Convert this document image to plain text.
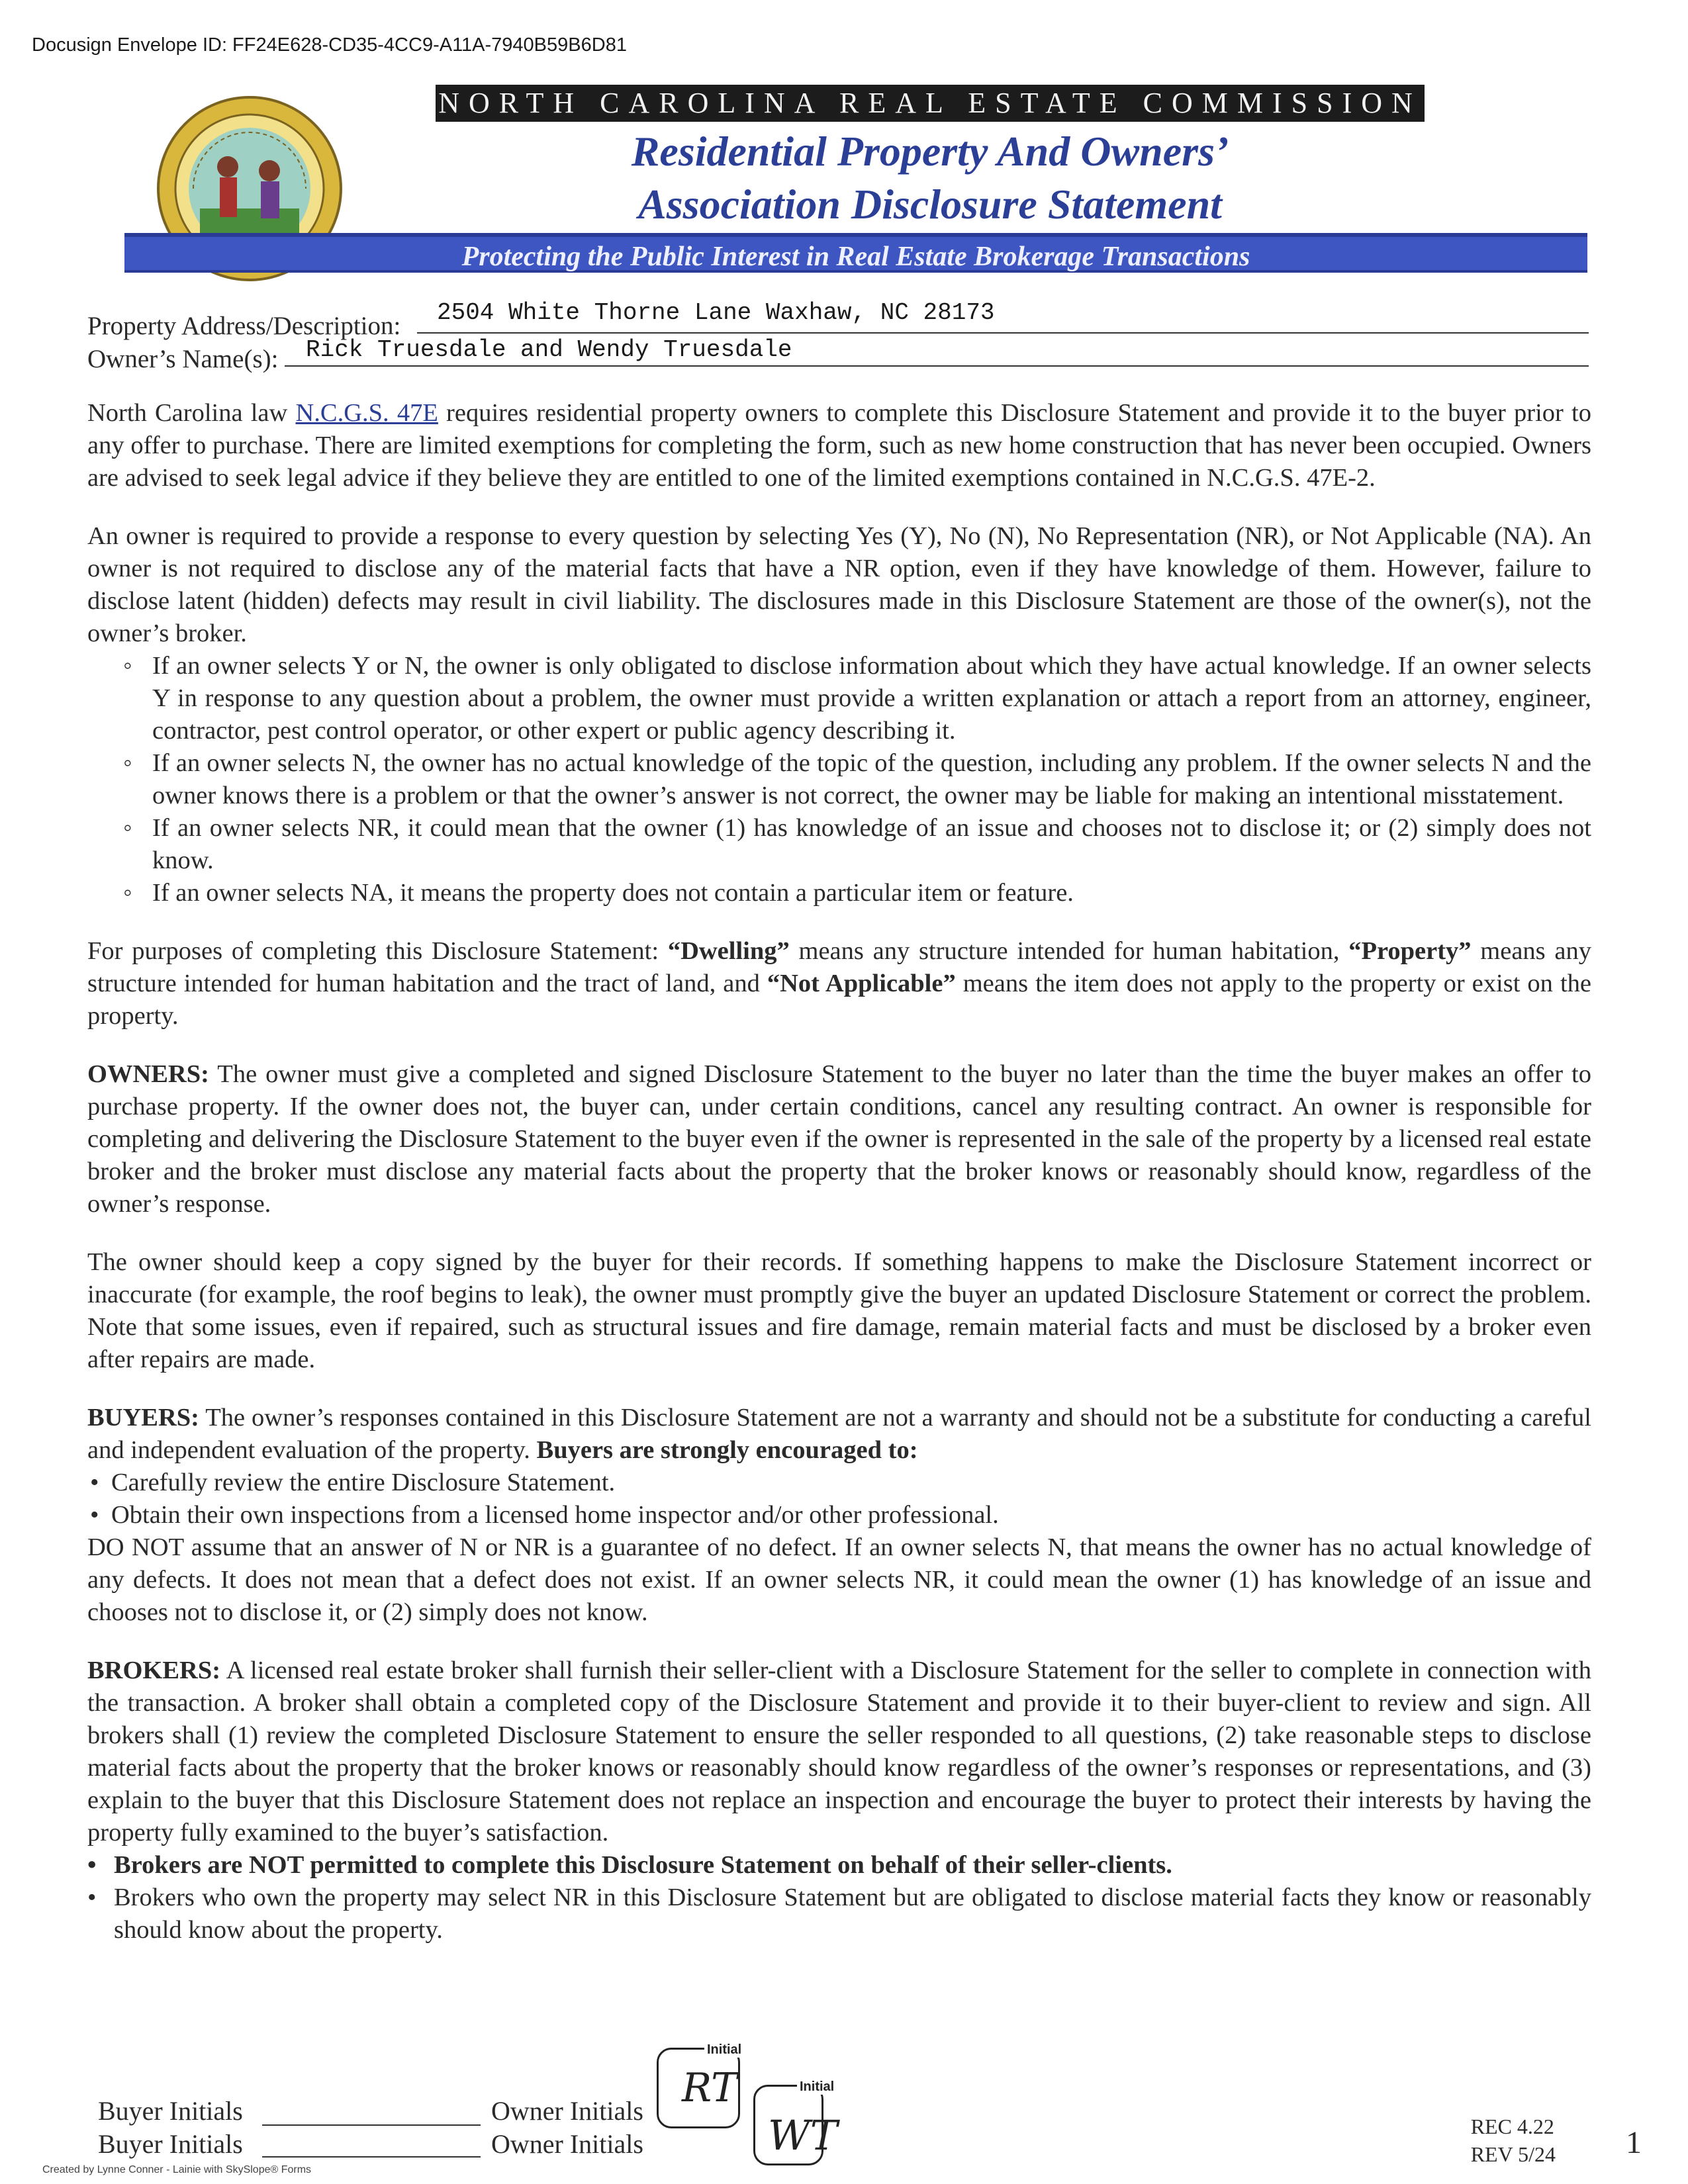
Docusign Envelope ID: FF24E628-CD35-4CC9-A11A-7940B59B6D81
NORTH CAROLINA REAL ESTATE COMMISSION
Residential Property And Owners’
Association Disclosure Statement
Protecting the Public Interest in Real Estate Brokerage Transactions
Property Address/Description: 2504 White Thorne Lane Waxhaw, NC 28173
Owner’s Name(s): Rick Truesdale and Wendy Truesdale

North Carolina law N.C.G.S. 47E requires residential property owners to complete this Disclosure Statement and provide it to the buyer prior to any offer to purchase. There are limited exemptions for completing the form, such as new home construction that has never been occupied. Owners are advised to seek legal advice if they believe they are entitled to one of the limited exemptions contained in N.C.G.S. 47E-2.

An owner is required to provide a response to every question by selecting Yes (Y), No (N), No Representation (NR), or Not Applicable (NA). An owner is not required to disclose any of the material facts that have a NR option, even if they have knowledge of them. However, failure to disclose latent (hidden) defects may result in civil liability. The disclosures made in this Disclosure Statement are those of the owner(s), not the owner’s broker.

◦ If an owner selects Y or N, the owner is only obligated to disclose information about which they have actual knowledge. If an owner selects Y in response to any question about a problem, the owner must provide a written explanation or attach a report from an attorney, engineer, contractor, pest control operator, or other expert or public agency describing it.
◦ If an owner selects N, the owner has no actual knowledge of the topic of the question, including any problem. If the owner selects N and the owner knows there is a problem or that the owner’s answer is not correct, the owner may be liable for making an intentional misstatement.
◦ If an owner selects NR, it could mean that the owner (1) has knowledge of an issue and chooses not to disclose it; or (2) simply does not know.
◦ If an owner selects NA, it means the property does not contain a particular item or feature.

For purposes of completing this Disclosure Statement: “Dwelling” means any structure intended for human habitation, “Property” means any structure intended for human habitation and the tract of land, and “Not Applicable” means the item does not apply to the property or exist on the property.

OWNERS: The owner must give a completed and signed Disclosure Statement to the buyer no later than the time the buyer makes an offer to purchase property. If the owner does not, the buyer can, under certain conditions, cancel any resulting contract. An owner is responsible for completing and delivering the Disclosure Statement to the buyer even if the owner is represented in the sale of the property by a licensed real estate broker and the broker must disclose any material facts about the property that the broker knows or reasonably should know, regardless of the owner’s response.

The owner should keep a copy signed by the buyer for their records. If something happens to make the Disclosure Statement incorrect or inaccurate (for example, the roof begins to leak), the owner must promptly give the buyer an updated Disclosure Statement or correct the problem. Note that some issues, even if repaired, such as structural issues and fire damage, remain material facts and must be disclosed by a broker even after repairs are made.

BUYERS: The owner’s responses contained in this Disclosure Statement are not a warranty and should not be a substitute for conducting a careful and independent evaluation of the property. Buyers are strongly encouraged to:

• Carefully review the entire Disclosure Statement.
• Obtain their own inspections from a licensed home inspector and/or other professional.

DO NOT assume that an answer of N or NR is a guarantee of no defect. If an owner selects N, that means the owner has no actual knowledge of any defects. It does not mean that a defect does not exist. If an owner selects NR, it could mean the owner (1) has knowledge of an issue and chooses not to disclose it, or (2) simply does not know.

BROKERS: A licensed real estate broker shall furnish their seller-client with a Disclosure Statement for the seller to complete in connection with the transaction. A broker shall obtain a completed copy of the Disclosure Statement and provide it to their buyer-client to review and sign. All brokers shall (1) review the completed Disclosure Statement to ensure the seller responded to all questions, (2) take reasonable steps to disclose material facts about the property that the broker knows or reasonably should know regardless of the owner’s responses or representations, and (3) explain to the buyer that this Disclosure Statement does not replace an inspection and encourage the buyer to protect their interests by having the property fully examined to the buyer’s satisfaction.

• Brokers are NOT permitted to complete this Disclosure Statement on behalf of their seller-clients.
• Brokers who own the property may select NR in this Disclosure Statement but are obligated to disclose material facts they know or reasonably should know about the property.
Buyer Initials
Buyer Initials
Owner Initials
Owner Initials
Initial
RT	Initial
WT	REC 4.22
REV 5/24 1
Created by Lynne Conner - Lainie with SkySlope® Forms
